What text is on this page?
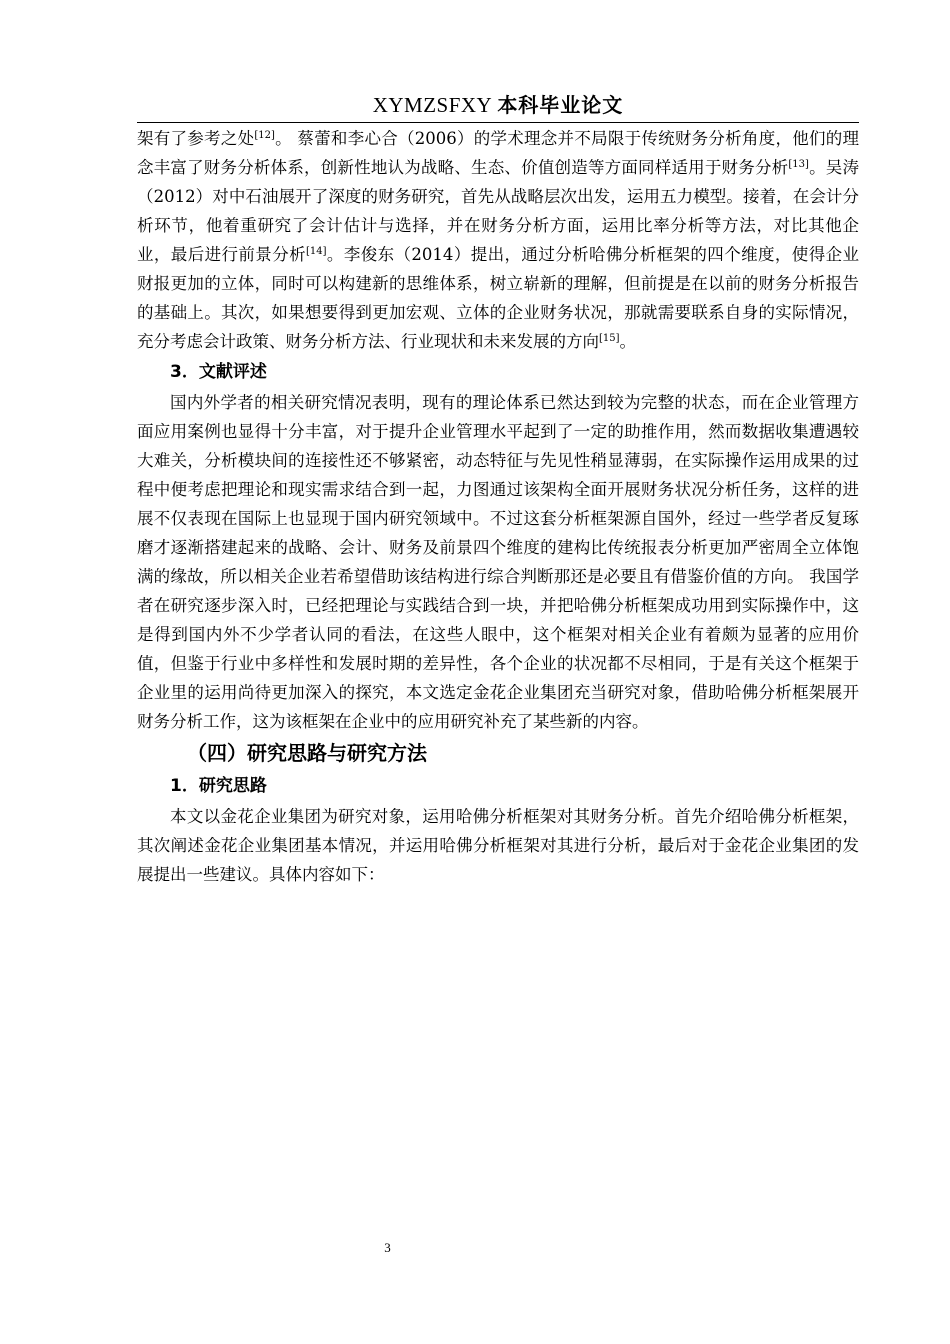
XYMZSFXY 本科毕业论文

架有了参考之处[12]。 蔡蕾和李心合（2006）的学术理念并不局限于传统财务分析角度，他们的理念丰富了财务分析体系，创新性地认为战略、生态、价值创造等方面同样适用于财务分析[13]。吴涛（2012）对中石油展开了深度的财务研究，首先从战略层次出发，运用五力模型。接着，在会计分析环节，他着重研究了会计估计与选择，并在财务分析方面，运用比率分析等方法，对比其他企业，最后进行前景分析[14]。李俊东（2014）提出，通过分析哈佛分析框架的四个维度，使得企业财报更加的立体，同时可以构建新的思维体系，树立崭新的理解，但前提是在以前的财务分析报告的基础上。其次，如果想要得到更加宏观、立体的企业财务状况，那就需要联系自身的实际情况，充分考虑会计政策、财务分析方法、行业现状和未来发展的方向[15]。

3．文献评述

国内外学者的相关研究情况表明，现有的理论体系已然达到较为完整的状态，而在企业管理方面应用案例也显得十分丰富，对于提升企业管理水平起到了一定的助推作用，然而数据收集遭遇较大难关，分析模块间的连接性还不够紧密，动态特征与先见性稍显薄弱，在实际操作运用成果的过程中便考虑把理论和现实需求结合到一起，力图通过该架构全面开展财务状况分析任务，这样的进展不仅表现在国际上也显现于国内研究领域中。不过这套分析框架源自国外，经过一些学者反复琢磨才逐渐搭建起来的战略、会计、财务及前景四个维度的建构比传统报表分析更加严密周全立体饱满的缘故，所以相关企业若希望借助该结构进行综合判断那还是必要且有借鉴价值的方向。 我国学者在研究逐步深入时，已经把理论与实践结合到一块，并把哈佛分析框架成功用到实际操作中，这是得到国内外不少学者认同的看法，在这些人眼中，这个框架对相关企业有着颇为显著的应用价值，但鉴于行业中多样性和发展时期的差异性，各个企业的状况都不尽相同，于是有关这个框架于企业里的运用尚待更加深入的探究，本文选定金花企业集团充当研究对象，借助哈佛分析框架展开财务分析工作，这为该框架在企业中的应用研究补充了某些新的内容。

（四）研究思路与研究方法
1．研究思路

本文以金花企业集团为研究对象，运用哈佛分析框架对其财务分析。首先介绍哈佛分析框架，其次阐述金花企业集团基本情况，并运用哈佛分析框架对其进行分析，最后对于金花企业集团的发展提出一些建议。具体内容如下：

3
